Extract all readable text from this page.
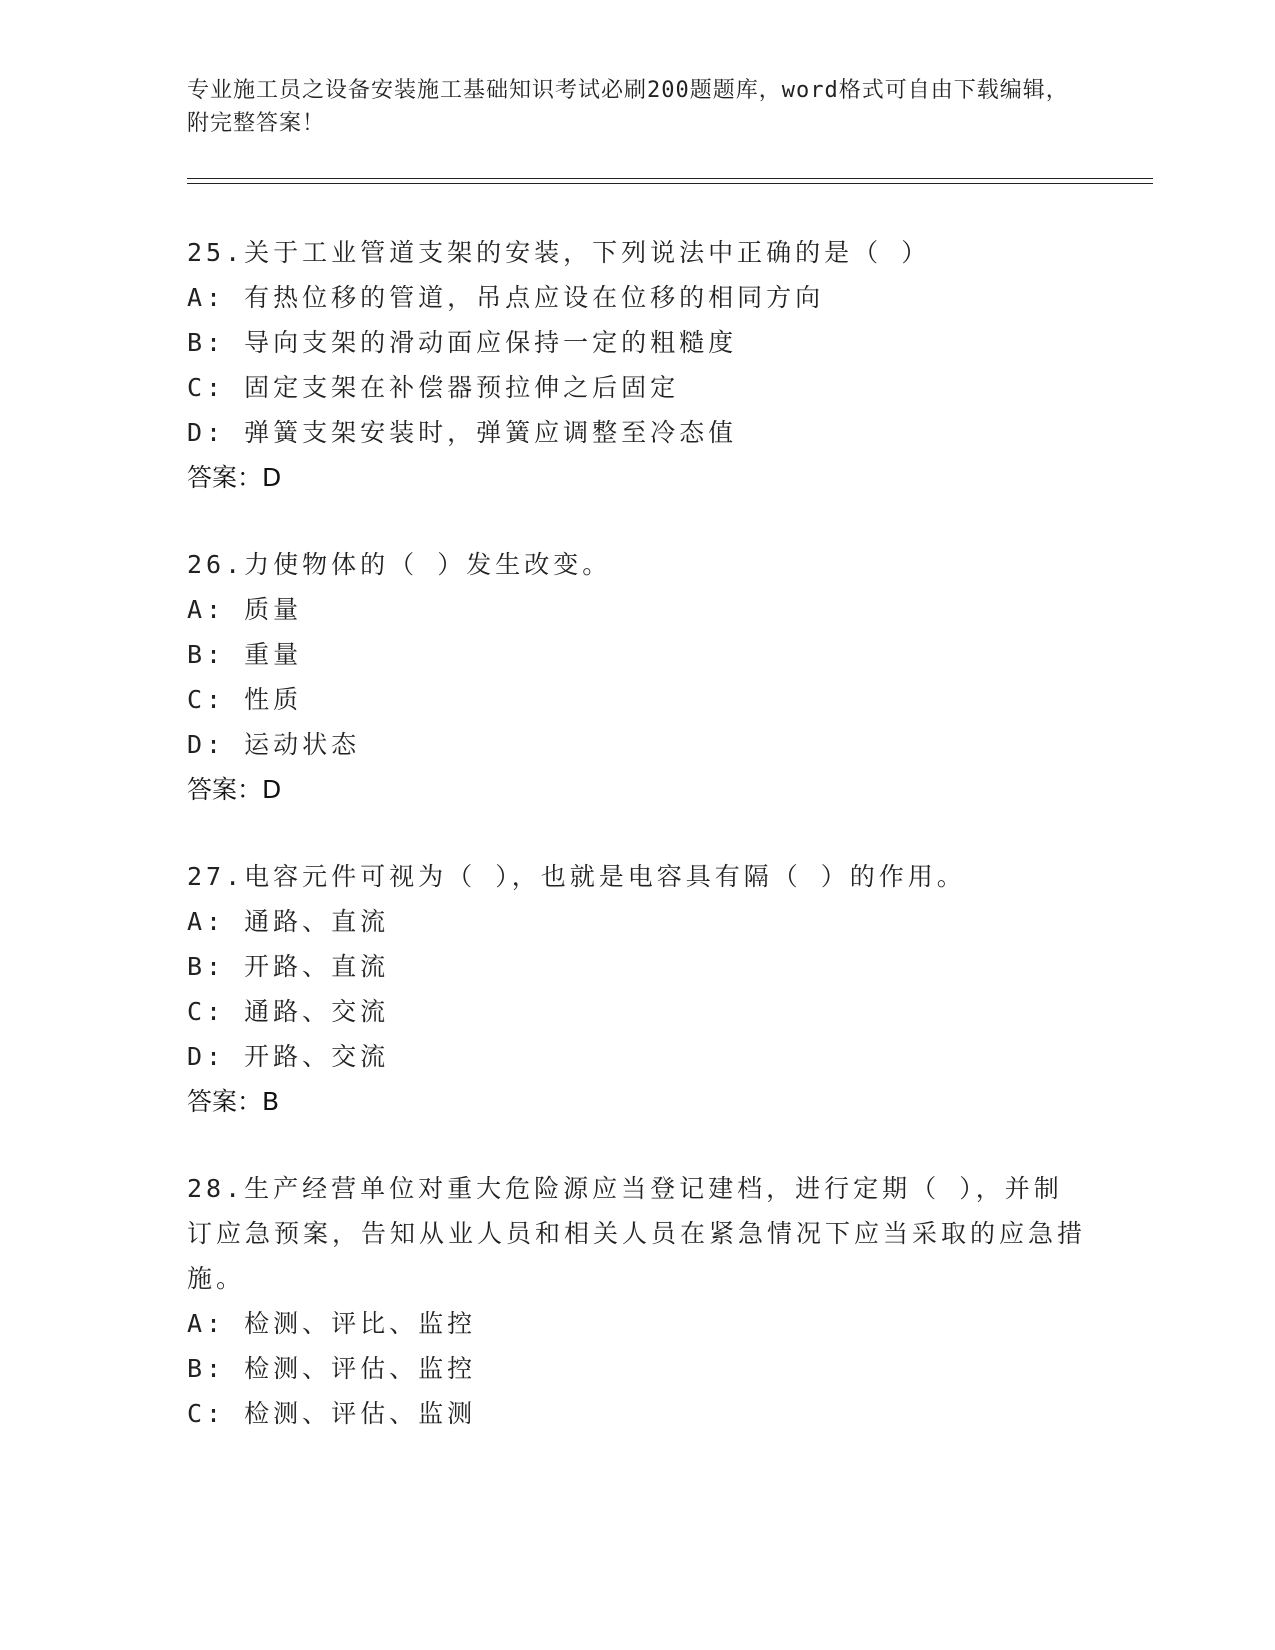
专业施工员之设备安装施工基础知识考试必刷200题题库，word格式可自由下载编辑，附完整答案！
25.关于工业管道支架的安装，下列说法中正确的是（ ）
A: 有热位移的管道，吊点应设在位移的相同方向
B: 导向支架的滑动面应保持一定的粗糙度
C: 固定支架在补偿器预拉伸之后固定
D: 弹簧支架安装时，弹簧应调整至冷态值
答案：D
26.力使物体的（ ）发生改变。
A: 质量
B: 重量
C: 性质
D: 运动状态
答案：D
27.电容元件可视为（ ），也就是电容具有隔（ ）的作用。
A: 通路、直流
B: 开路、直流
C: 通路、交流
D: 开路、交流
答案：B
28.生产经营单位对重大危险源应当登记建档，进行定期（ ），并制订应急预案，告知从业人员和相关人员在紧急情况下应当采取的应急措施。
A: 检测、评比、监控
B: 检测、评估、监控
C: 检测、评估、监测
